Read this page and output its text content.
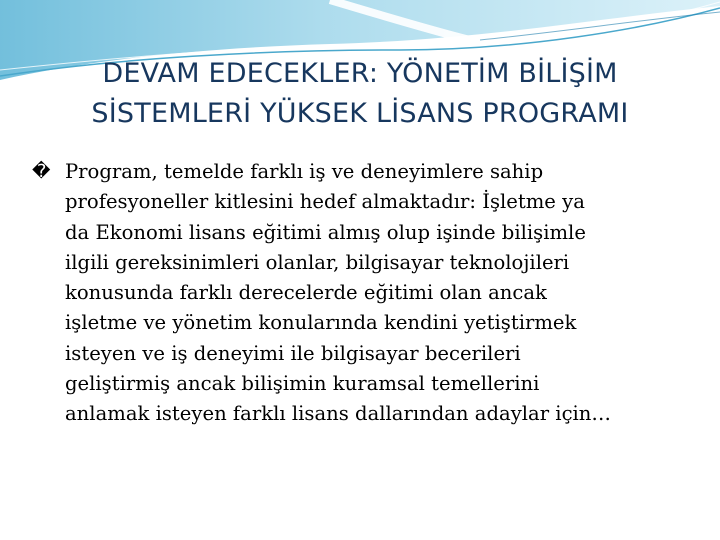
DEVAM EDECEKLER: YÖNETİM BİLİŞİM
SİSTEMLERİ YÜKSEK LİSANS PROGRAMI
� Program, temelde farklı iş ve deneyimlere sahip
profesyoneller kitlesini hedef almaktadır: İşletme ya
da Ekonomi lisans eğitimi almış olup işinde bilişimle
ilgili gereksinimleri olanlar, bilgisayar teknolojileri
konusunda farklı derecelerde eğitimi olan ancak
işletme ve yönetim konularında kendini yetiştirmek
isteyen ve iş deneyimi ile bilgisayar becerileri
geliştirmiş ancak bilişimin kuramsal temellerini
anlamak isteyen farklı lisans dallarından adaylar için…
